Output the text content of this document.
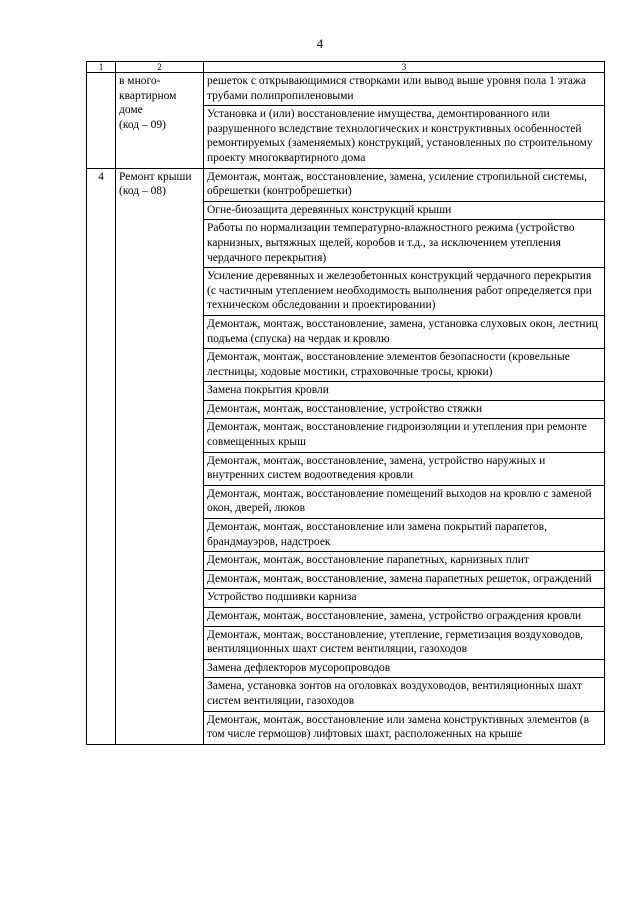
4
1	2	3

	в много-
квартирном
доме
(код – 09)	решеток с открывающимися створками или вывод выше уровня пола 1 этажа трубами полипропиленовыми
		Установка и (или) восстановление имущества, демонтированного или разрушенного вследствие технологических и конструктивных особенностей ремонтируемых (заменяемых) конструкций, установленных по строительному проекту многоквартирного дома
4	Ремонт крыши
(код – 08)	Демонтаж, монтаж, восстановление, замена, усиление стропильной системы, обрешетки (контробрешетки)
		Огне-биозащита деревянных конструкций крыши
		Работы по нормализации температурно-влажностного режима (устройство карнизных, вытяжных щелей, коробов и т.д., за исключением утепления чердачного перекрытия)
		Усиление деревянных и железобетонных конструкций чердачного перекрытия (с частичным утеплением необходимость выполнения работ определяется при техническом обследовании и проектировании)
		Демонтаж, монтаж, восстановление, замена, установка слуховых окон, лестниц подъема (спуска) на чердак и кровлю
		Демонтаж, монтаж, восстановление элементов безопасности (кровельные лестницы, ходовые мостики, страховочные тросы, крюки)
		Замена покрытия кровли
		Демонтаж, монтаж, восстановление, устройство стяжки
		Демонтаж, монтаж, восстановление гидроизоляции и утепления при ремонте совмещенных крыш
		Демонтаж, монтаж, восстановление, замена, устройство наружных и внутренних систем водоотведения кровли
		Демонтаж, монтаж, восстановление помещений выходов на кровлю с заменой окон, дверей, люков
		Демонтаж, монтаж, восстановление или замена покрытий парапетов, брандмауэров, надстроек
		Демонтаж, монтаж, восстановление парапетных, карнизных плит
		Демонтаж, монтаж, восстановление, замена парапетных решеток, ограждений
		Устройство подшивки карниза
		Демонтаж, монтаж, восстановление, замена, устройство ограждения кровли
		Демонтаж, монтаж, восстановление, утепление, герметизация воздуховодов, вентиляционных шахт систем вентиляции, газоходов
		Замена дефлекторов мусоропроводов
		Замена, установка зонтов на оголовках воздуховодов, вентиляционных шахт систем вентиляции, газоходов
		Демонтаж, монтаж, восстановление или замена конструктивных элементов (в том числе гермошов) лифтовых шахт, расположенных на крыше
